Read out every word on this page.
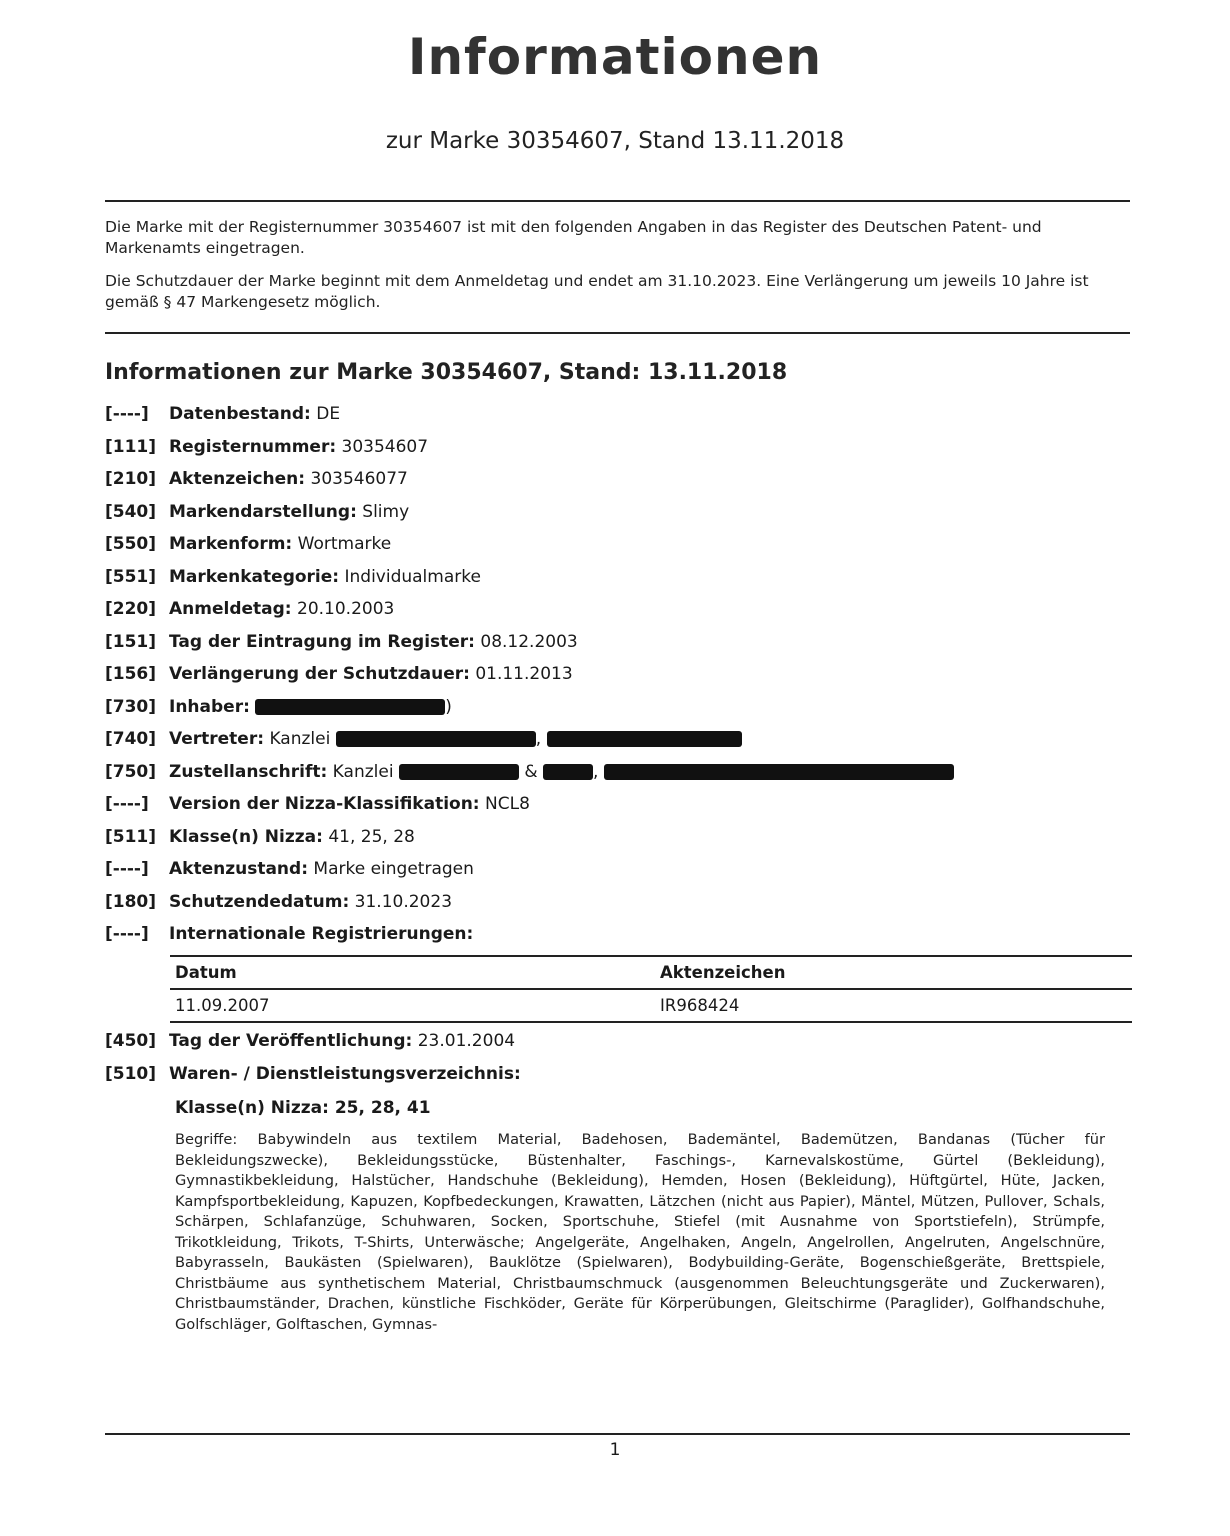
Informationen
zur Marke 30354607, Stand 13.11.2018
Die Marke mit der Registernummer 30354607 ist mit den folgenden Angaben in das Register des Deutschen Patent- und Markenamts eingetragen.
Die Schutzdauer der Marke beginnt mit dem Anmeldetag und endet am 31.10.2023. Eine Verlängerung um jeweils 10 Jahre ist gemäß § 47 Markengesetz möglich.
Informationen zur Marke 30354607, Stand: 13.11.2018
[----] Datenbestand: DE
[111] Registernummer: 30354607
[210] Aktenzeichen: 303546077
[540] Markendarstellung: Slimy
[550] Markenform: Wortmarke
[551] Markenkategorie: Individualmarke
[220] Anmeldetag: 20.10.2003
[151] Tag der Eintragung im Register: 08.12.2003
[156] Verlängerung der Schutzdauer: 01.11.2013
[730] Inhaber:	)
[740] Vertreter: Kanzlei	,
[750] Zustellanschrift: Kanzlei	&	,
[----] Version der Nizza-Klassifikation: NCL8
[511] Klasse(n) Nizza: 41, 25, 28
[----] Aktenzustand: Marke eingetragen
[180] Schutzendedatum: 31.10.2023
[----] Internationale Registrierungen:
Datum	Aktenzeichen
11.09.2007	IR968424
[450] Tag der Veröffentlichung: 23.01.2004
[510] Waren- / Dienstleistungsverzeichnis:
Klasse(n) Nizza: 25, 28, 41
Begriffe: Babywindeln aus textilem Material, Badehosen, Bademäntel, Bademützen, Bandanas (Tücher für Bekleidungszwecke), Bekleidungsstücke, Büstenhalter, Faschings-, Karnevalskostüme, Gürtel (Bekleidung), Gymnastikbekleidung, Halstücher, Handschuhe (Bekleidung), Hemden, Hosen (Bekleidung), Hüftgürtel, Hüte, Jacken, Kampfsportbekleidung, Kapuzen, Kopfbedeckungen, Krawatten, Lätzchen (nicht aus Papier), Mäntel, Mützen, Pullover, Schals, Schärpen, Schlafanzüge, Schuhwaren, Socken, Sportschuhe, Stiefel (mit Ausnahme von Sportstiefeln), Strümpfe, Trikotkleidung, Trikots, T-Shirts, Unterwäsche; Angelgeräte, Angelhaken, Angeln, Angelrollen, Angelruten, Angelschnüre, Babyrasseln, Baukästen (Spielwaren), Bauklötze (Spielwaren), Bodybuilding-Geräte, Bogenschießgeräte, Brettspiele, Christbäume aus synthetischem Material, Christbaumschmuck (ausgenommen Beleuchtungsgeräte und Zuckerwaren), Christbaumständer, Drachen, künstliche Fischköder, Geräte für Körperübungen, Gleitschirme (Paraglider), Golfhandschuhe, Golfschläger, Golftaschen, Gymnas-
1
